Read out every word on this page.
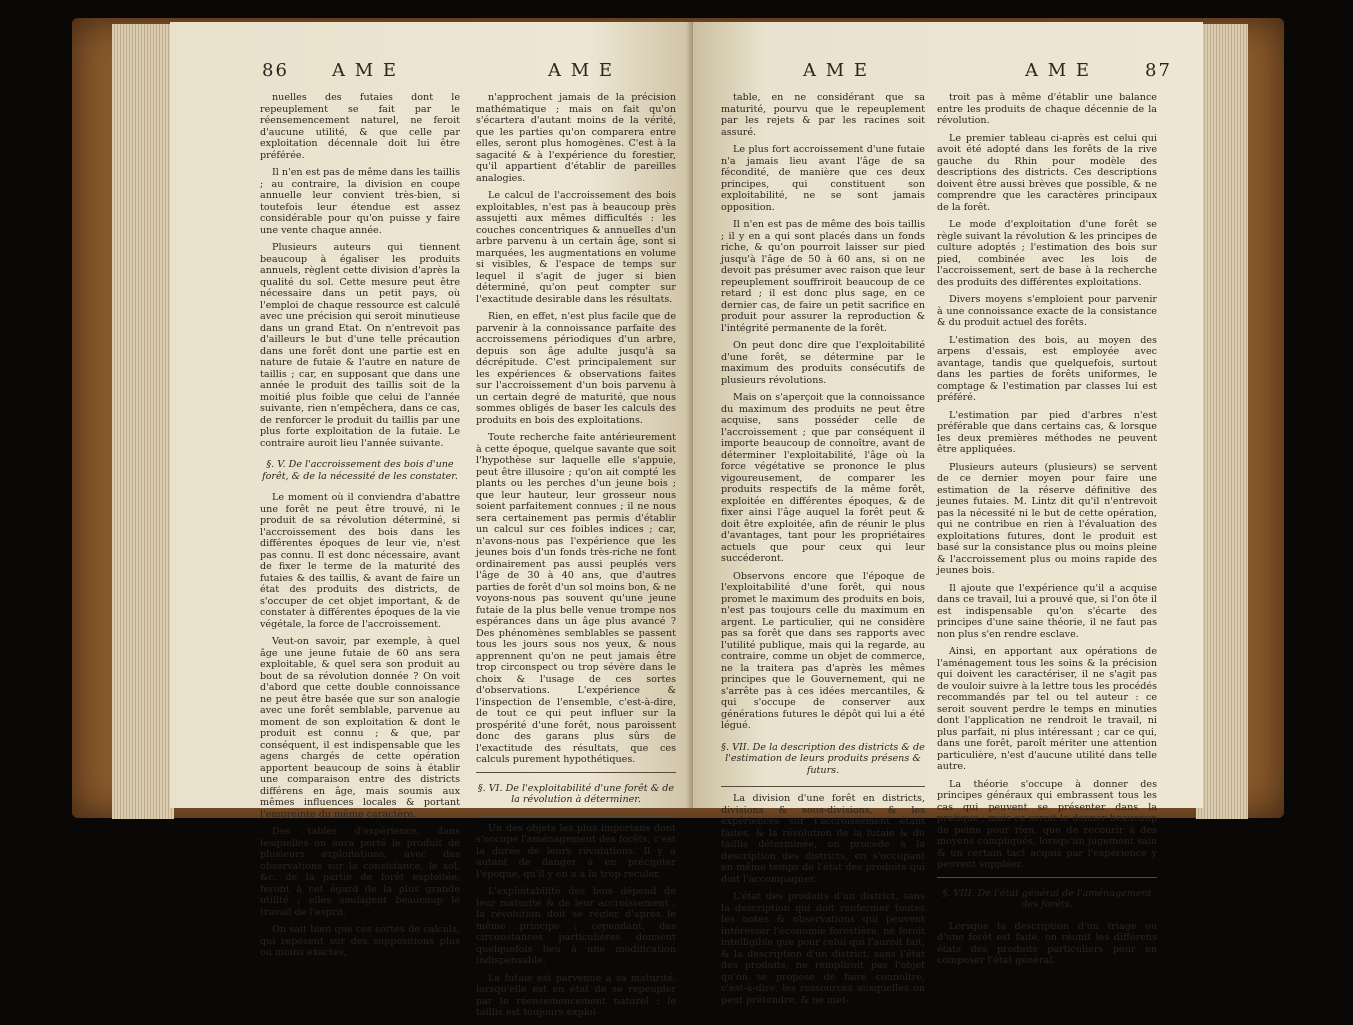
86 A M E	A M E

nuelles des futaies dont le repeuplement se fait par le réensemencement naturel, ne feroit d'aucune utilité, & que celle par exploitation décennale doit lui être préférée.

Il n'en est pas de même dans les taillis ; au contraire, la division en coupe annuelle leur convient très-bien, si toutefois leur étendue est assez considérable pour qu'on puisse y faire une vente chaque année.

Plusieurs auteurs qui tiennent beaucoup à égaliser les produits annuels, règlent cette division d'après la qualité du sol. Cette mesure peut être nécessaire dans un petit pays, où l'emploi de chaque ressource est calculé avec une précision qui seroit minutieuse dans un grand Etat. On n'entrevoit pas d'ailleurs le but d'une telle précaution dans une forêt dont une partie est en nature de futaie & l'autre en nature de taillis ; car, en supposant que dans une année le produit des taillis soit de la moitié plus foible que celui de l'année suivante, rien n'empêchera, dans ce cas, de renforcer le produit du taillis par une plus forte exploitation de la futaie. Le contraire auroit lieu l'année suivante.

§. V. De l'accroissement des bois d'une forêt, & de la nécessité de les constater.

Le moment où il conviendra d'abattre une forêt ne peut être trouvé, ni le produit de sa révolution déterminé, si l'accroissement des bois dans les différentes époques de leur vie, n'est pas connu. Il est donc nécessaire, avant de fixer le terme de la maturité des futaies & des taillis, & avant de faire un état des produits des districts, de s'occuper de cet objet important, & de constater à différentes époques de la vie végétale, la force de l'accroissement.

Veut-on savoir, par exemple, à quel âge une jeune futaie de 60 ans sera exploitable, & quel sera son produit au bout de sa révolution donnée ? On voit d'abord que cette double connoissance ne peut être basée que sur son analogie avec une forêt semblable, parvenue au moment de son exploitation & dont le produit est connu ; & que, par conséquent, il est indispensable que les agens chargés de cette opération apportent beaucoup de soins à établir une comparaison entre des districts différens en âge, mais soumis aux mêmes influences locales & portant l'empreinte du même caractère.

Des tables d'expérience, dans lesquelles on aura porté le produit de plusieurs exploitations, avec des observations sur la consistance, le sol, &c. de la partie de forêt exploitée, feront à cet égard de la plus grande utilité ; elles soulagent beaucoup le travail de l'esprit.

On sait bien que ces sortes de calculs, qui reposent sur des suppositions plus ou moins exactes,

n'approchent jamais de la précision mathématique ; mais on fait qu'on s'écartera d'autant moins de la vérité, que les parties qu'on comparera entre elles, seront plus homogènes. C'est à la sagacité & à l'expérience du forestier, qu'il appartient d'établir de pareilles analogies.

Le calcul de l'accroissement des bois exploitables, n'est pas à beaucoup près assujetti aux mêmes difficultés : les couches concentriques & annuelles d'un arbre parvenu à un certain âge, sont si marquées, les augmentations en volume si visibles, & l'espace de temps sur lequel il s'agit de juger si bien déterminé, qu'on peut compter sur l'exactitude desirable dans les résultats.

Rien, en effet, n'est plus facile que de parvenir à la connoissance parfaite des accroissemens périodiques d'un arbre, depuis son âge adulte jusqu'à sa décrépitude. C'est principalement sur les expériences & observations faites sur l'accroissement d'un bois parvenu à un certain degré de maturité, que nous sommes obligés de baser les calculs des produits en bois des exploitations.

Toute recherche faite antérieurement à cette époque, quelque savante que soit l'hypothèse sur laquelle elle s'appuie, peut être illusoire ; qu'on ait compté les plants ou les perches d'un jeune bois ; que leur hauteur, leur grosseur nous soient parfaitement connues ; il ne nous sera certainement pas permis d'établir un calcul sur ces foibles indices ; car, n'avons-nous pas l'expérience que les jeunes bois d'un fonds très-riche ne font ordinairement pas aussi peuplés vers l'âge de 30 à 40 ans, que d'autres parties de forêt d'un sol moins bon, & ne voyons-nous pas souvent qu'une jeune futaie de la plus belle venue trompe nos espérances dans un âge plus avancé ? Des phénomènes semblables se passent tous les jours sous nos yeux, & nous apprennent qu'on ne peut jamais être trop circonspect ou trop sévère dans le choix & l'usage de ces sortes d'observations. L'expérience & l'inspection de l'ensemble, c'est-à-dire, de tout ce qui peut influer sur la prospérité d'une forêt, nous paroissent donc des garans plus sûrs de l'exactitude des résultats, que ces calculs purement hypothétiques.

§. VI. De l'exploitabilité d'une forêt & de la révolution à déterminer.

Un des objets les plus importans dont s'occupe l'aménagement des forêts, c'est la durée de leurs révolutions. Il y a autant de danger à en précipiter l'époque, qu'il y en a à la trop reculer.

L'exploitabilité des bois dépend de leur maturité & de leur accroissement ; la révolution doit se régler d'après le même principe ; cependant, des circonstances particulières donnent quelquefois lieu à une modification indispensable.

La futaie est parvenue à sa maturité, lorsqu'elle est en état de se repeupler par le réensemencement naturel ; le taillis est toujours exploi-

A M E	A M E	87

table, en ne considérant que sa maturité, pourvu que le repeuplement par les rejets & par les racines soit assuré.

Le plus fort accroissement d'une futaie n'a jamais lieu avant l'âge de sa fécondité, de manière que ces deux principes, qui constituent son exploitabilité, ne se sont jamais opposition.

Il n'en est pas de même des bois taillis ; il y en a qui sont placés dans un fonds riche, & qu'on pourroit laisser sur pied jusqu'à l'âge de 50 à 60 ans, si on ne devoit pas présumer avec raison que leur repeuplement souffriroit beaucoup de ce retard ; il est donc plus sage, en ce dernier cas, de faire un petit sacrifice en produit pour assurer la reproduction & l'intégrité permanente de la forêt.

On peut donc dire que l'exploitabilité d'une forêt, se détermine par le maximum des produits consécutifs de plusieurs révolutions.

Mais on s'aperçoit que la connoissance du maximum des produits ne peut être acquise, sans posséder celle de l'accroissement ; que par conséquent il importe beaucoup de connoître, avant de déterminer l'exploitabilité, l'âge où la force végétative se prononce le plus vigoureusement, de comparer les produits respectifs de la même forêt, exploitée en différentes époques, & de fixer ainsi l'âge auquel la forêt peut & doit être exploitée, afin de réunir le plus d'avantages, tant pour les propriétaires actuels que pour ceux qui leur succéderont.

Observons encore que l'époque de l'exploitabilité d'une forêt, qui nous promet le maximum des produits en bois, n'est pas toujours celle du maximum en argent. Le particulier, qui ne considère pas sa forêt que dans ses rapports avec l'utilité publique, mais qui la regarde, au contraire, comme un objet de commerce, ne la traitera pas d'après les mêmes principes que le Gouvernement, qui ne s'arrête pas à ces idées mercantiles, & qui s'occupe de conserver aux générations futures le dépôt qui lui a été légué.

§. VII. De la description des districts & de l'estimation de leurs produits présens & futurs.

La division d'une forêt en districts, divisions & sous-divisions, & les expériences sur l'accroissement étant faites, & la révolution de la futaie & du taillis déterminée, on procède à la description des districts, en s'occupant en même temps de l'état des produits qui doit l'accompagner.

L'état des produits d'un district, sans la description qui doit renfermer toutes les notes & observations qui peuvent intéresser l'économie forestière, ne feroit intelligible que pour celui qui l'auroit fait, & la description d'un district, sans l'état des produits, ne rempliroit pas l'objet qu'on se propose de faire connoître, c'est-à-dire, les ressources auxquelles on peut prétendre, & ne met-

troit pas à même d'établir une balance entre les produits de chaque décennie de la révolution.

Le premier tableau ci-après est celui qui avoit été adopté dans les forêts de la rive gauche du Rhin pour modèle des descriptions des districts. Ces descriptions doivent être aussi brèves que possible, & ne comprendre que les caractères principaux de la forêt.

Le mode d'exploitation d'une forêt se règle suivant la révolution & les principes de culture adoptés ; l'estimation des bois sur pied, combinée avec les lois de l'accroissement, sert de base à la recherche des produits des différentes exploitations.

Divers moyens s'emploient pour parvenir à une connoissance exacte de la consistance & du produit actuel des forêts.

L'estimation des bois, au moyen des arpens d'essais, est employée avec avantage, tandis que quelquefois, surtout dans les parties de forêts uniformes, le comptage & l'estimation par classes lui est préféré.

L'estimation par pied d'arbres n'est préférable que dans certains cas, & lorsque les deux premières méthodes ne peuvent être appliquées.

Plusieurs auteurs (plusieurs) se servent de ce dernier moyen pour faire une estimation de la réserve définitive des jeunes futaies. M. Lintz dit qu'il n'entrevoit pas la nécessité ni le but de cette opération, qui ne contribue en rien à l'évaluation des exploitations futures, dont le produit est basé sur la consistance plus ou moins pleine & l'accroissement plus ou moins rapide des jeunes bois.

Il ajoute que l'expérience qu'il a acquise dans ce travail, lui a prouvé que, si l'on ôte il est indispensable qu'on s'écarte des principes d'une saine théorie, il ne faut pas non plus s'en rendre esclave.

Ainsi, en apportant aux opérations de l'aménagement tous les soins & la précision qui doivent les caractériser, il ne s'agit pas de vouloir suivre à la lettre tous les procédés recommandés par tel ou tel auteur : ce seroit souvent perdre le temps en minuties dont l'application ne rendroit le travail, ni plus parfait, ni plus intéressant ; car ce qui, dans une forêt, paroît mériter une attention particulière, n'est d'aucune utilité dans telle autre.

La théorie s'occupe à donner des principes généraux qui embrassent tous les cas qui peuvent se présenter dans la pratique ; mais ce seroit le donner beaucoup de peine pour rien, que de recourir à des moyens compliqués, lorsqu'un jugement sain & un certain tact acquis par l'expérience y peuvent suppléer.

§. VIII. De l'état général de l'aménagement des forêts.

Lorsque la description d'un triage ou d'une forêt est faite, on réunit les différens états des produits particuliers pour en composer l'état général.
